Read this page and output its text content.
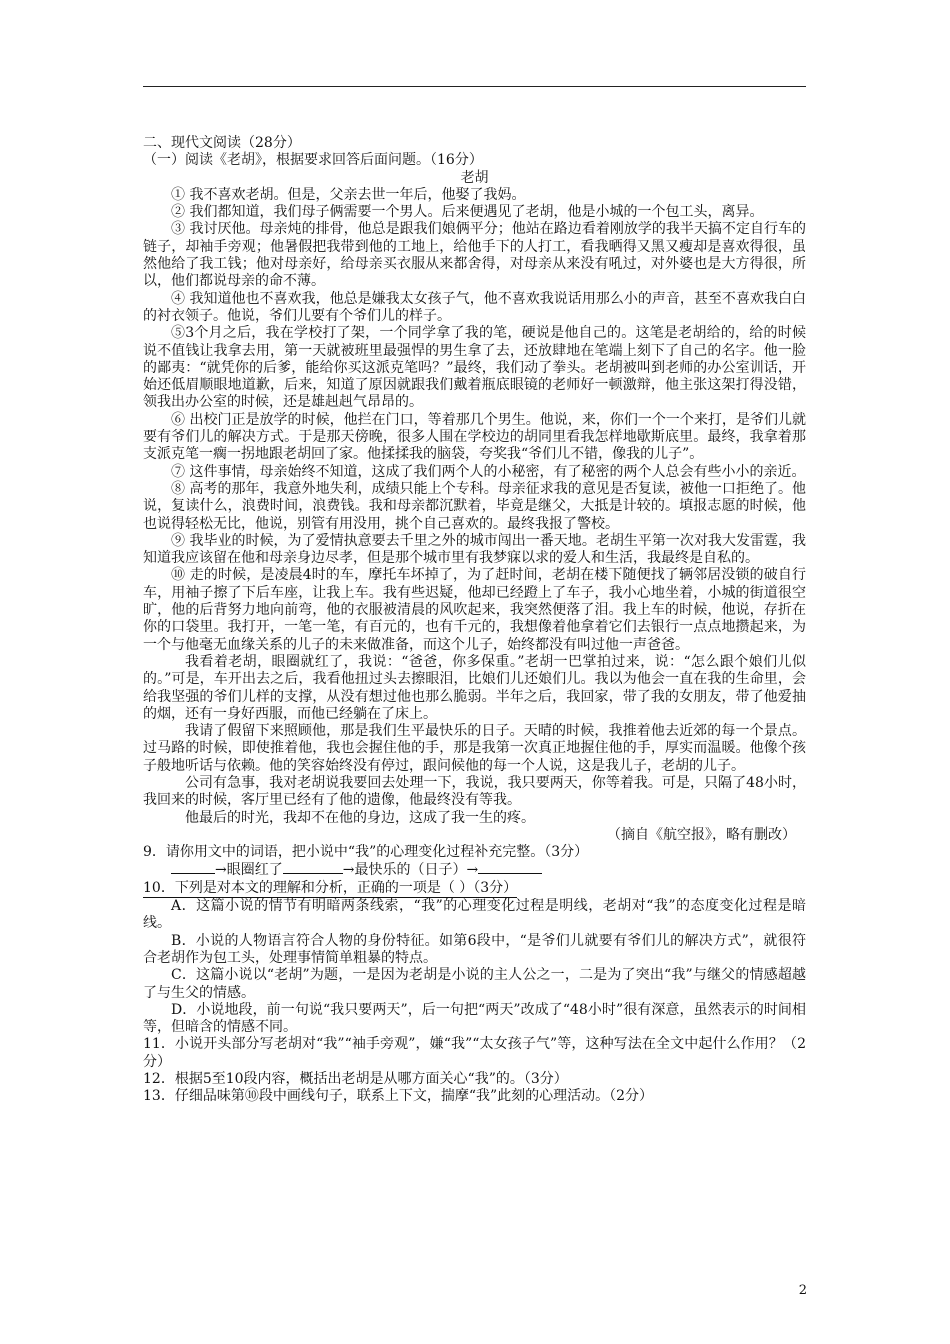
二、现代文阅读（28分）

（一）阅读《老胡》，根据要求回答后面问题。（16分）

老胡

① 我不喜欢老胡。但是，父亲去世一年后，他娶了我妈。

② 我们都知道，我们母子俩需要一个男人。后来便遇见了老胡，他是小城的一个包工头，离异。

③ 我讨厌他。母亲炖的排骨，他总是跟我们娘俩平分；他站在路边看着刚放学的我半天搞不定自行车的链子，却袖手旁观；他暑假把我带到他的工地上，给他手下的人打工，看我晒得又黑又瘦却是喜欢得很，虽然他给了我工钱；他对母亲好，给母亲买衣服从来都舍得，对母亲从来没有吼过，对外婆也是大方得很，所以，他们都说母亲的命不薄。

④ 我知道他也不喜欢我，他总是嫌我太女孩子气，他不喜欢我说话用那么小的声音，甚至不喜欢我白白的衬衣领子。他说，爷们儿要有个爷们儿的样子。

⑤3个月之后，我在学校打了架，一个同学拿了我的笔，硬说是他自己的。这笔是老胡给的，给的时候说不值钱让我拿去用，第一天就被班里最强悍的男生拿了去，还放肆地在笔端上刻下了自己的名字。他一脸的鄙夷：“就凭你的后爹，能给你买这派克笔吗？”最终，我们动了拳头。老胡被叫到老师的办公室训话，开始还低眉顺眼地道歉，后来，知道了原因就跟我们戴着瓶底眼镜的老师好一顿激辩，他主张这架打得没错，领我出办公室的时候，还是雄赳赳气昂昂的。

⑥ 出校门正是放学的时候，他拦在门口，等着那几个男生。他说，来，你们一个一个来打，是爷们儿就要有爷们儿的解决方式。于是那天傍晚，很多人围在学校边的胡同里看我怎样地歇斯底里。最终，我拿着那支派克笔一瘸一拐地跟老胡回了家。他揉揉我的脑袋，夸奖我“爷们儿不错，像我的儿子”。

⑦ 这件事情，母亲始终不知道，这成了我们两个人的小秘密，有了秘密的两个人总会有些小小的亲近。

⑧ 高考的那年，我意外地失利，成绩只能上个专科。母亲征求我的意见是否复读，被他一口拒绝了。他说，复读什么，浪费时间，浪费钱。我和母亲都沉默着，毕竟是继父，大抵是计较的。填报志愿的时候，他也说得轻松无比，他说，别管有用没用，挑个自己喜欢的。最终我报了警校。

⑨ 我毕业的时候，为了爱情执意要去千里之外的城市闯出一番天地。老胡生平第一次对我大发雷霆，我知道我应该留在他和母亲身边尽孝，但是那个城市里有我梦寐以求的爱人和生活，我最终是自私的。

⑩ 走的时候，是凌晨4时的车，摩托车坏掉了，为了赶时间，老胡在楼下随便找了辆邻居没锁的破自行车，用袖子擦了下后车座，让我上车。我有些迟疑，他却已经蹬上了车子，我小心地坐着，小城的街道很空旷，他的后背努力地向前弯，他的衣服被清晨的风吹起来，我突然便落了泪。我上车的时候，他说，存折在你的口袋里。我打开，一笔一笔，有百元的，也有千元的，我想像着他拿着它们去银行一点点地攒起来，为一个与他毫无血缘关系的儿子的未来做准备，而这个儿子，始终都没有叫过他一声爸爸。

我看着老胡，眼圈就红了，我说：“爸爸，你多保重。”老胡一巴掌拍过来，说：“怎么跟个娘们儿似的。”可是，车开出去之后，我看他扭过头去擦眼泪，比娘们儿还娘们儿。我以为他会一直在我的生命里，会给我坚强的爷们儿样的支撑，从没有想过他也那么脆弱。半年之后，我回家，带了我的女朋友，带了他爱抽的烟，还有一身好西服，而他已经躺在了床上。

我请了假留下来照顾他，那是我们生平最快乐的日子。天晴的时候，我推着他去近郊的每一个景点。过马路的时候，即使推着他，我也会握住他的手，那是我第一次真正地握住他的手，厚实而温暖。他像个孩子般地听话与依赖。他的笑容始终没有停过，跟问候他的每一个人说，这是我儿子，老胡的儿子。

公司有急事，我对老胡说我要回去处理一下，我说，我只要两天，你等着我。可是，只隔了48小时，我回来的时候，客厅里已经有了他的遗像，他最终没有等我。

他最后的时光，我却不在他的身边，这成了我一生的疼。

（摘自《航空报》，略有删改）

9．请你用文中的词语，把小说中“我”的心理变化过程补充完整。（3分）

→眼圈红了	→最快乐的（日子）→

10．下列是对本文的理解和分析，正确的一项是（ ）（3分）

A．这篇小说的情节有明暗两条线索，“我”的心理变化过程是明线，老胡对“我”的态度变化过程是暗线。

B．小说的人物语言符合人物的身份特征。如第6段中，“是爷们儿就要有爷们儿的解决方式”，就很符合老胡作为包工头，处理事情简单粗暴的特点。

C．这篇小说以“老胡”为题，一是因为老胡是小说的主人公之一，二是为了突出“我”与继父的情感超越了与生父的情感。

D．小说地段，前一句说“我只要两天”，后一句把“两天”改成了“48小时”很有深意，虽然表示的时间相等，但暗含的情感不同。

11．小说开头部分写老胡对“我”“袖手旁观”，嫌“我”“太女孩子气”等，这种写法在全文中起什么作用？（2分）

12．根据5至10段内容，概括出老胡是从哪方面关心“我”的。（3分）

13．仔细品味第⑩段中画线句子，联系上下文，揣摩“我”此刻的心理活动。（2分）

2
